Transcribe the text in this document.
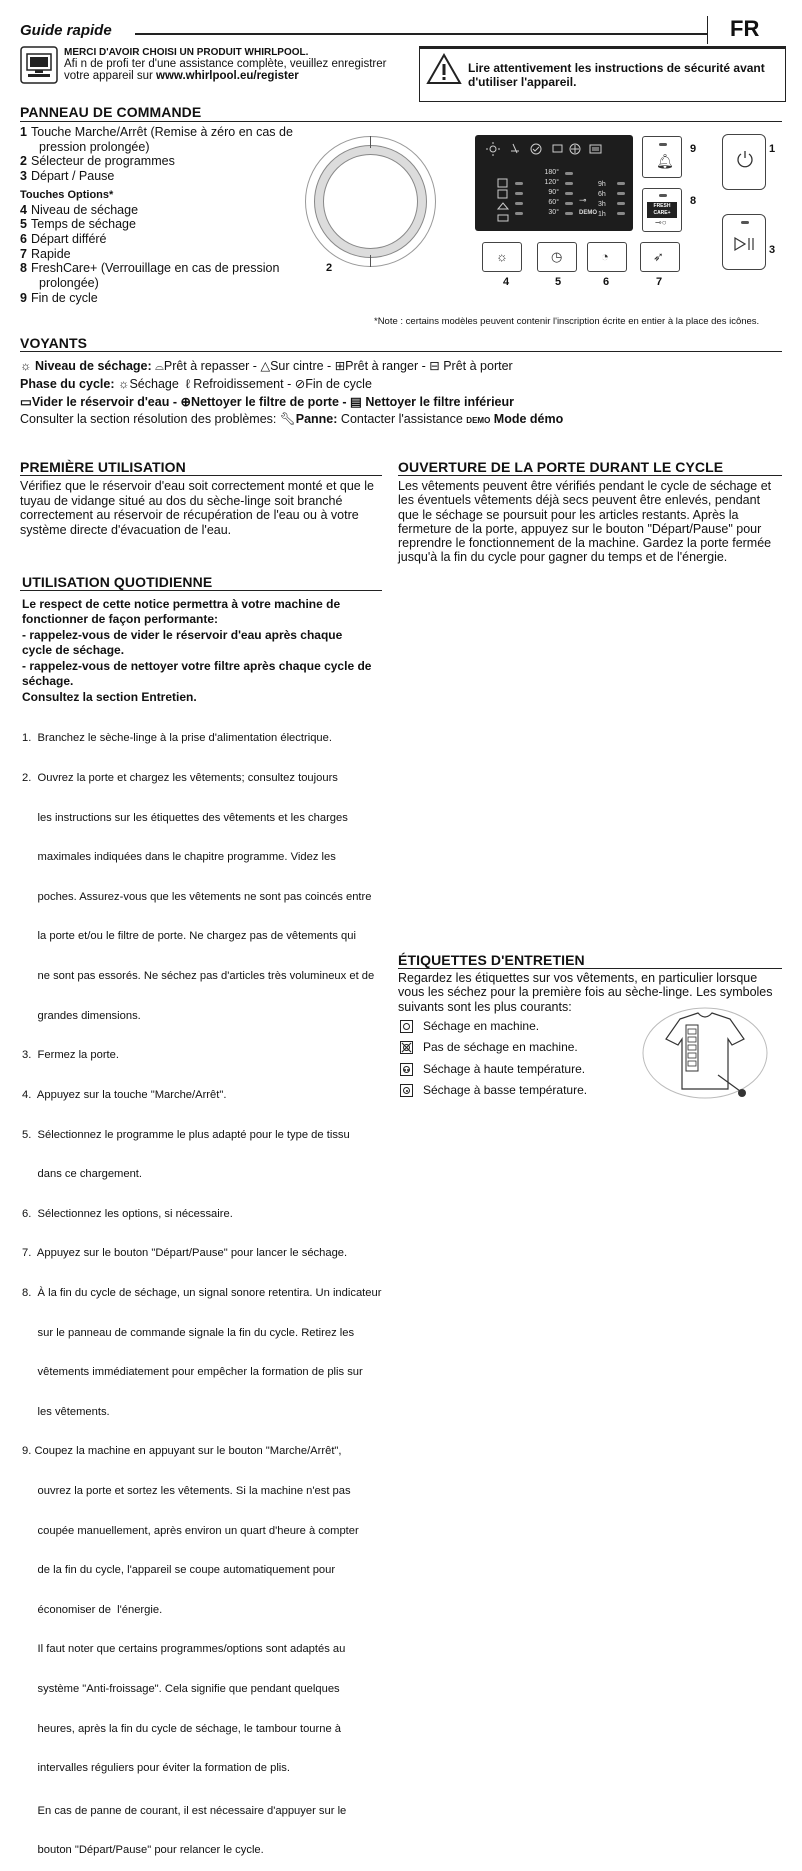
Guide rapide	FR
MERCI D'AVOIR CHOISI UN PRODUIT WHIRLPOOL.
Afi n de profi ter d'une assistance complète, veuillez enregistrer
votre appareil sur www.whirlpool.eu/register
Lire attentivement les instructions de sécurité avant
d'utiliser l'appareil.
PANNEAU DE COMMANDE
1 Touche Marche/Arrêt (Remise à zéro en cas de
pression prolongée)
2 Sélecteur de programmes
3 Départ / Pause
Touches Options*
4 Niveau de séchage
5 Temps de séchage
6 Départ différé
7 Rapide
8 FreshCare+ (Verrouillage en cas de pression
prolongée)
9 Fin de cycle
2
180°
120°
90°
60°
30°
9h
6h
3h
1h
DEMO
⊸
☼	◷	◔	➶
4	5	6	7
🔔︎
9
FRESH CARE+
⊸○
8
1
3
*Note : certains modèles peuvent contenir l'inscription écrite en entier à la place des icônes.
VOYANTS
☼ Niveau de séchage: ⌓Prêt à repasser - △Sur cintre - ⊞Prêt à ranger - ⊟ Prêt à porter
Phase du cycle: ☼Séchage ℓ Refroidissement - ⊘Fin de cycle
▭Vider le réservoir d'eau - ⊕Nettoyer le filtre de porte - ▤ Nettoyer le filtre inférieur
Consulter la section résolution des problèmes: 🔧︎Panne: Contacter l'assistance DEMO Mode démo
PREMIÈRE UTILISATION
Vérifiez que le réservoir d'eau soit correctement monté et que le
tuyau de vidange situé au dos du sèche-linge soit branché
correctement au réservoir de récupération de l'eau ou à votre
système directe d'évacuation de l'eau.
OUVERTURE DE LA PORTE DURANT LE CYCLE
Les vêtements peuvent être vérifiés pendant le cycle de séchage et
les éventuels vêtements déjà secs peuvent être enlevés, pendant
que le séchage se poursuit pour les articles restants. Après la
fermeture de la porte, appuyez sur le bouton "Départ/Pause" pour
reprendre le fonctionnement de la machine. Gardez la porte fermée
jusqu'à la fin du cycle pour gagner du temps et de l'énergie.
UTILISATION QUOTIDIENNE
Le respect de cette notice permettra à votre machine de
fonctionner de façon performante:
- rappelez-vous de vider le réservoir d'eau après chaque
cycle de séchage.
- rappelez-vous de nettoyer votre filtre après chaque cycle de
séchage.
Consultez la section Entretien.

1.  Branchez le sèche-linge à la prise d'alimentation électrique.

2.  Ouvrez la porte et chargez les vêtements; consultez toujours

les instructions sur les étiquettes des vêtements et les charges

maximales indiquées dans le chapitre programme. Videz les

poches. Assurez-vous que les vêtements ne sont pas coincés entre

la porte et/ou le filtre de porte. Ne chargez pas de vêtements qui

ne sont pas essorés. Ne séchez pas d'articles très volumineux et de

grandes dimensions.

3.  Fermez la porte.

4.  Appuyez sur la touche "Marche/Arrêt".

5.  Sélectionnez le programme le plus adapté pour le type de tissu

dans ce chargement.

6.  Sélectionnez les options, si nécessaire.

7.  Appuyez sur le bouton "Départ/Pause" pour lancer le séchage.

8.  À la fin du cycle de séchage, un signal sonore retentira. Un indicateur

sur le panneau de commande signale la fin du cycle. Retirez les

vêtements immédiatement pour empêcher la formation de plis sur

les vêtements.

9. Coupez la machine en appuyant sur le bouton "Marche/Arrêt",

ouvrez la porte et sortez les vêtements. Si la machine n'est pas

coupée manuellement, après environ un quart d'heure à compter

de la fin du cycle, l'appareil se coupe automatiquement pour

économiser de  l'énergie.

Il faut noter que certains programmes/options sont adaptés au

système "Anti-froissage". Cela signifie que pendant quelques

heures, après la fin du cycle de séchage, le tambour tourne à

intervalles réguliers pour éviter la formation de plis.

En cas de panne de courant, il est nécessaire d'appuyer sur le

bouton "Départ/Pause" pour relancer le cycle.

ÉTIQUETTES D'ENTRETIEN
Regardez les étiquettes sur vos vêtements, en particulier lorsque
vous les séchez pour la première fois au sèche-linge. Les symboles
suivants sont les plus courants:
Séchage en machine.
Pas de séchage en machine.
Séchage à haute température.
Séchage à basse température.
